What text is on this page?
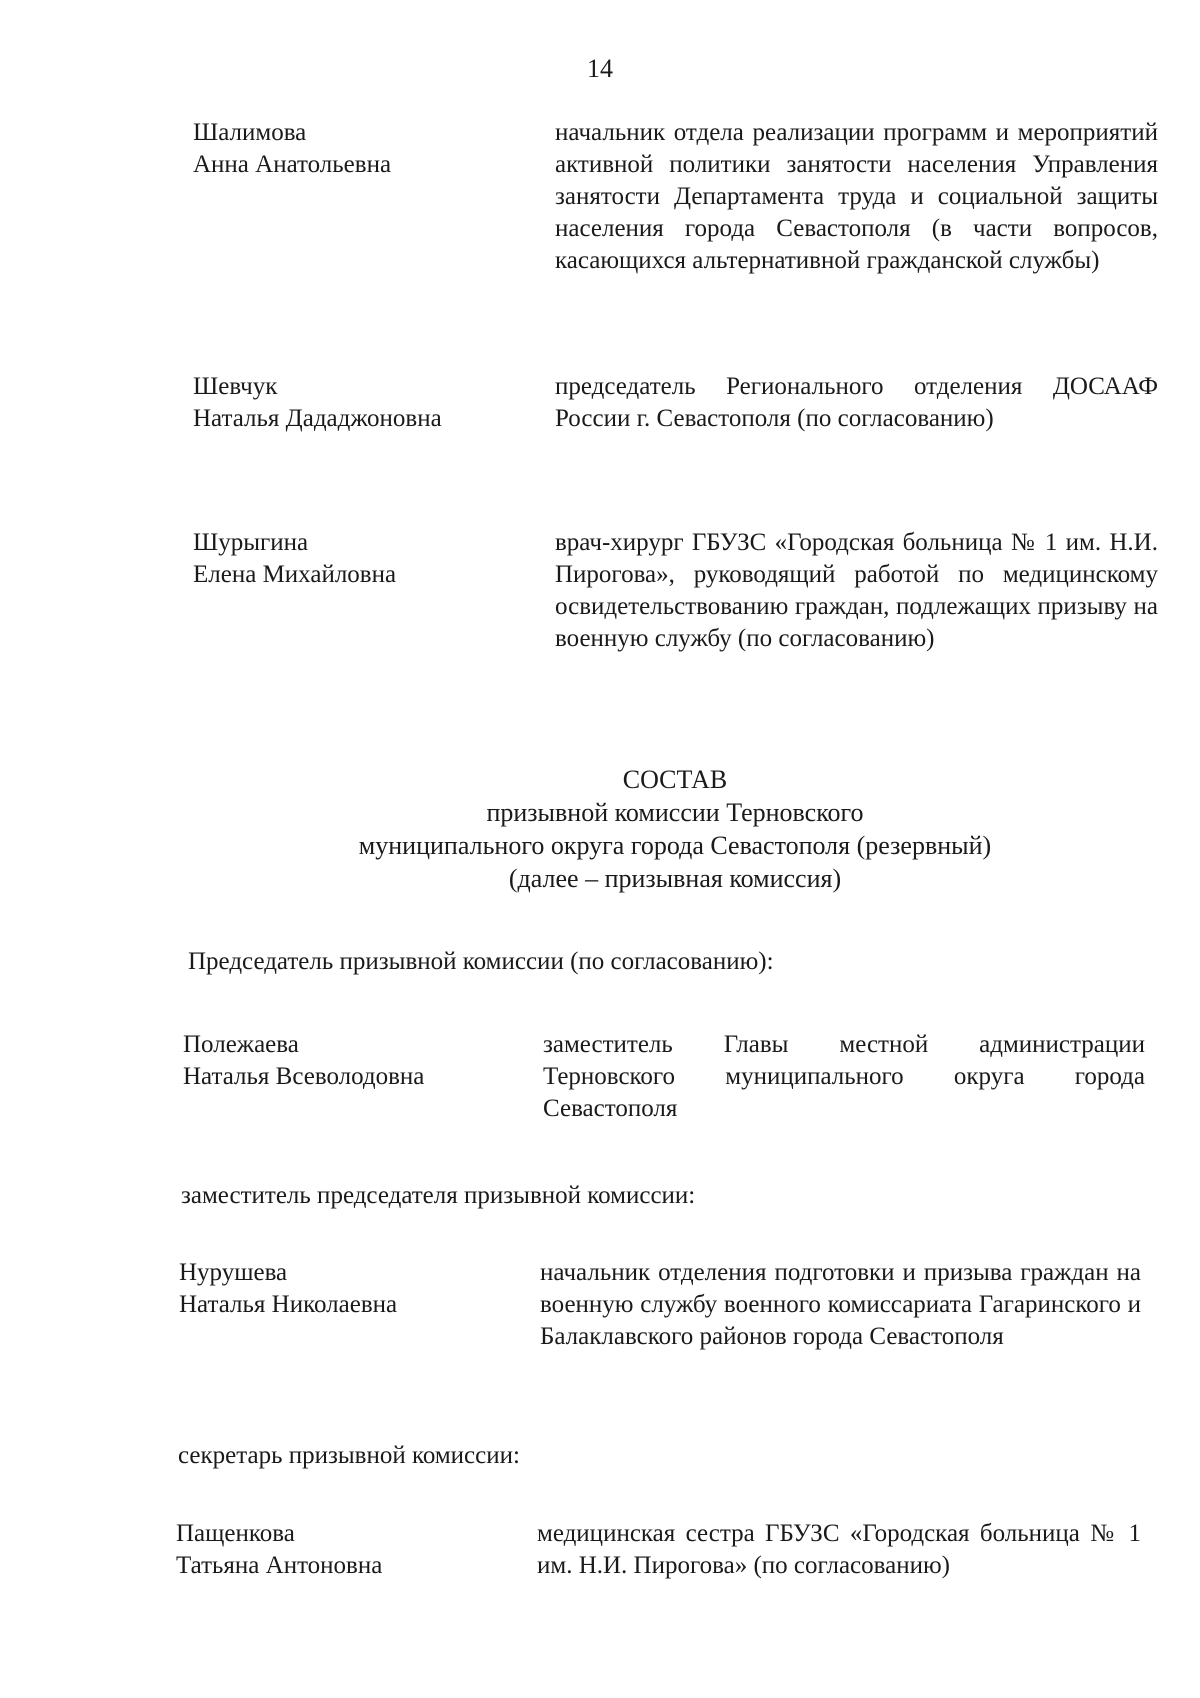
14
Шалимова
Анна Анатольевна
начальник отдела реализации программ и мероприятий активной политики занятости населения Управления занятости Департамента труда и социальной защиты населения города Севастополя (в части вопросов, касающихся альтернативной гражданской службы)
Шевчук
Наталья Дададжоновна
председатель Регионального отделения ДОСААФ России г. Севастополя (по согласованию)
Шурыгина
Елена Михайловна
врач-хирург ГБУЗС «Городская больница № 1 им. Н.И. Пирогова», руководящий работой по медицинскому освидетельствованию граждан, подлежащих призыву на военную службу (по согласованию)
СОСТАВ
призывной комиссии Терновского
муниципального округа города Севастополя (резервный)
(далее – призывная комиссия)
Председатель призывной комиссии (по согласованию):
Полежаева
Наталья Всеволодовна
заместитель Главы местной администрации Терновского муниципального округа города Севастополя
заместитель председателя призывной комиссии:
Нурушева
Наталья Николаевна
начальник отделения подготовки и призыва граждан на военную службу военного комиссариата Гагаринского и Балаклавского районов города Севастополя
секретарь призывной комиссии:
Пащенкова
Татьяна Антоновна
медицинская сестра ГБУЗС «Городская больница № 1 им. Н.И. Пирогова» (по согласованию)
